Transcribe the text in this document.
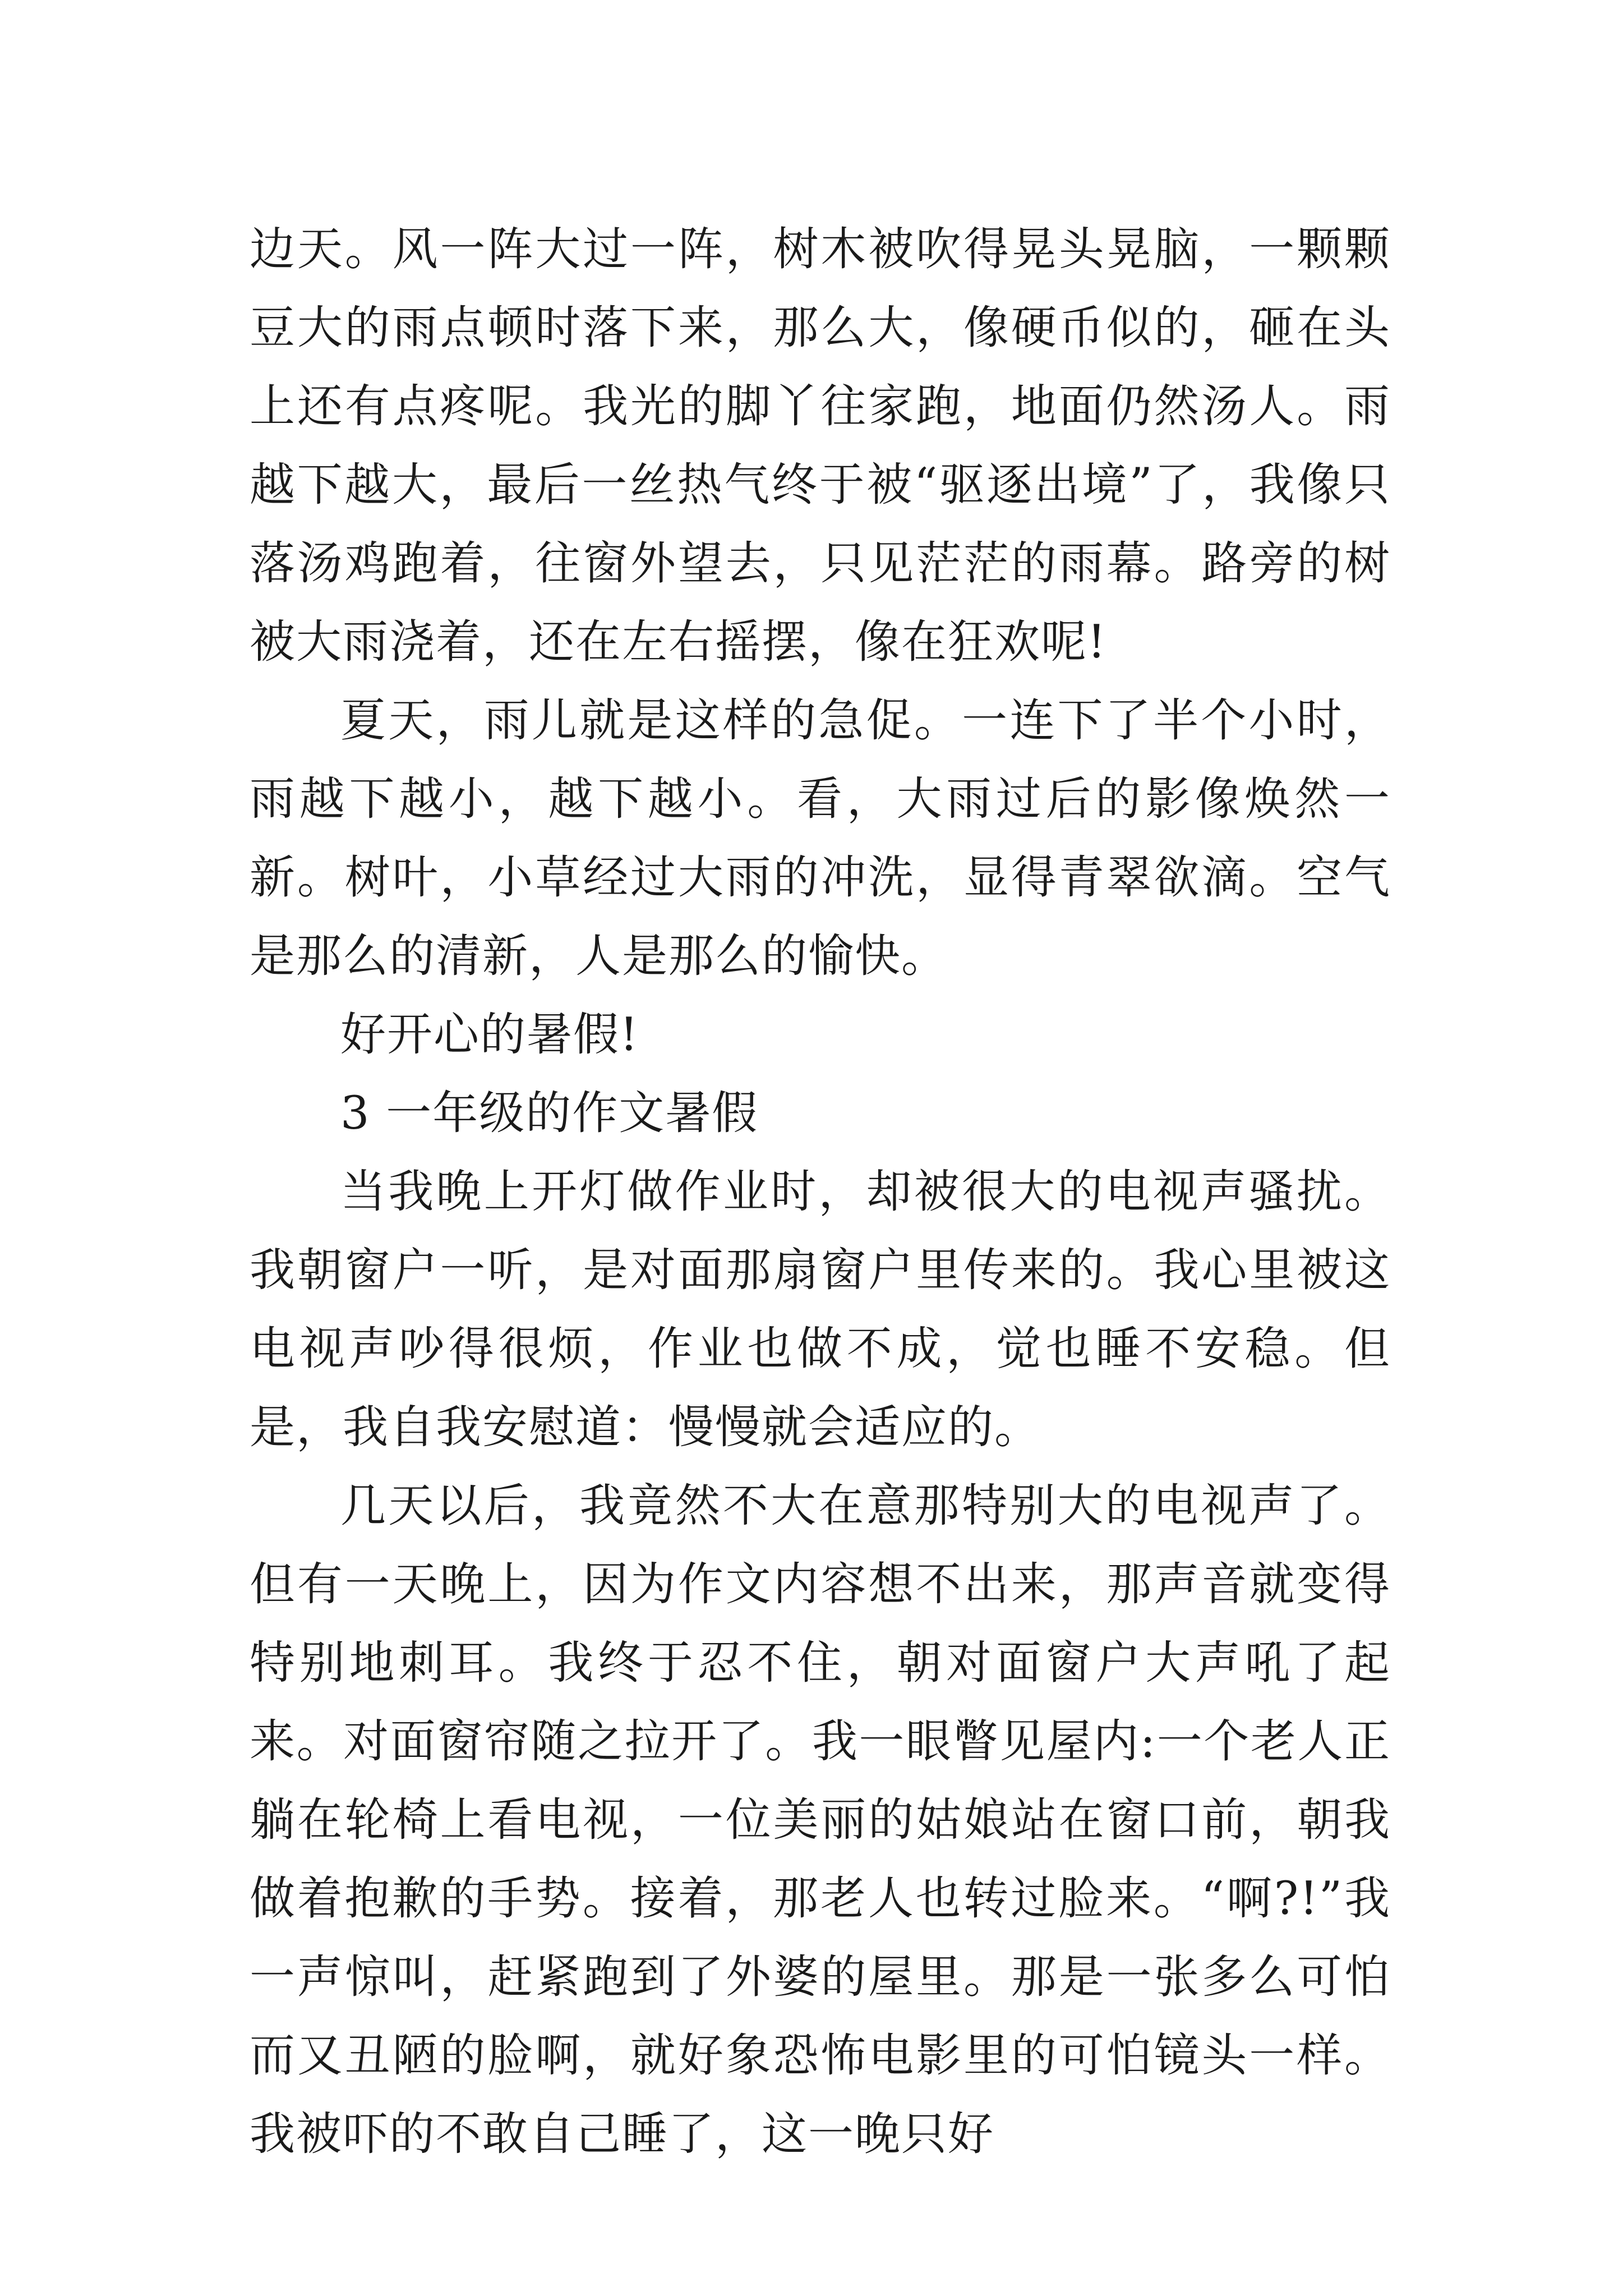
边天。风一阵大过一阵，树木被吹得晃头晃脑，一颗颗豆大的雨点顿时落下来，那么大，像硬币似的，砸在头上还有点疼呢。我光的脚丫往家跑，地面仍然汤人。雨越下越大，最后一丝热气终于被“驱逐出境”了，我像只落汤鸡跑着，往窗外望去，只见茫茫的雨幕。路旁的树被大雨浇着，还在左右摇摆，像在狂欢呢!

夏天，雨儿就是这样的急促。一连下了半个小时，雨越下越小，越下越小。看，大雨过后的影像焕然一新。树叶，小草经过大雨的冲洗，显得青翠欲滴。空气是那么的清新，人是那么的愉快。

好开心的暑假!

3 一年级的作文暑假

当我晚上开灯做作业时，却被很大的电视声骚扰。我朝窗户一听，是对面那扇窗户里传来的。我心里被这电视声吵得很烦，作业也做不成，觉也睡不安稳。但是，我自我安慰道：慢慢就会适应的。

几天以后，我竟然不大在意那特别大的电视声了。但有一天晚上，因为作文内容想不出来，那声音就变得特别地刺耳。我终于忍不住，朝对面窗户大声吼了起来。对面窗帘随之拉开了。我一眼瞥见屋内:一个老人正躺在轮椅上看电视，一位美丽的姑娘站在窗口前，朝我做着抱歉的手势。接着，那老人也转过脸来。“啊?!”我一声惊叫，赶紧跑到了外婆的屋里。那是一张多么可怕而又丑陋的脸啊，就好象恐怖电影里的可怕镜头一样。我被吓的不敢自己睡了，这一晚只好
